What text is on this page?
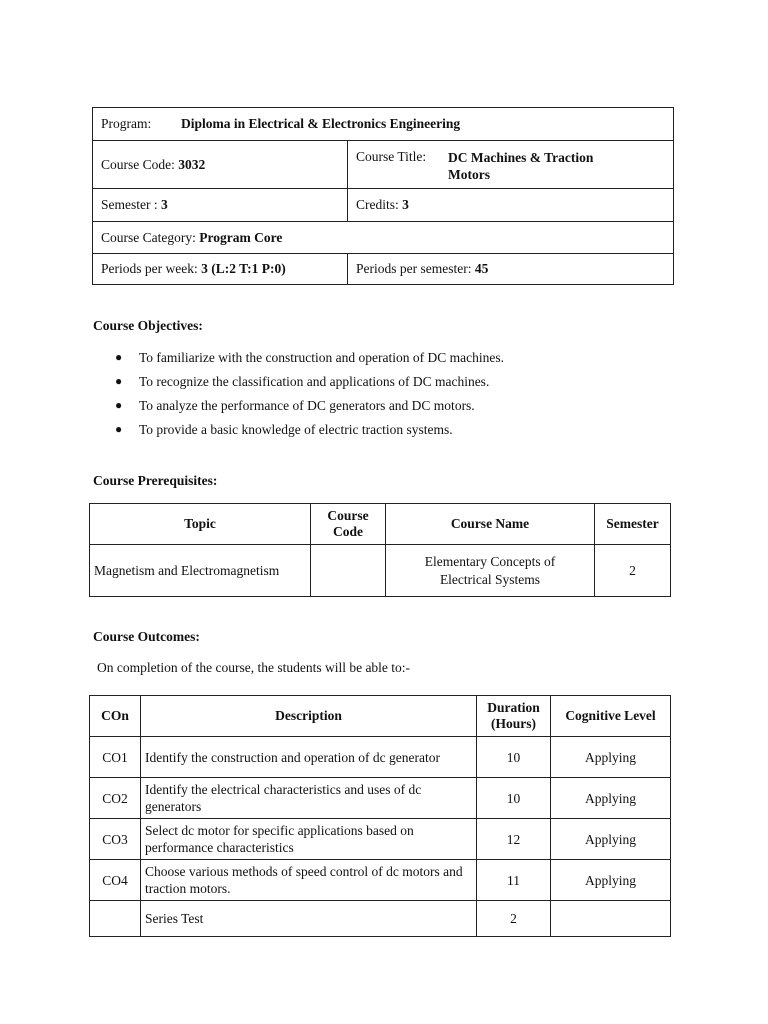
Program: Diploma in Electrical & Electronics Engineering	
Course Code: 3032	Course Title: DC Machines & Traction Motors

Semester : 3	Credits: 3
Course Category: Program Core	
Periods per week: 3 (L:2 T:1 P:0)	Periods per semester: 45
Course Objectives:
●	To familiarize with the construction and operation of DC machines.
●	To recognize the classification and applications of DC machines.
●	To analyze the performance of DC generators and DC motors.
●	To provide a basic knowledge of electric traction systems.
Course Prerequisites:
Topic	Course Code	Course Name	Semester
Magnetism and Electromagnetism		Elementary Concepts of Electrical Systems	2
Course Outcomes:
On completion of the course, the students will be able to:-
COn	Description	Duration (Hours)	Cognitive Level
CO1	Identify the construction and operation of dc generator	10	Applying
CO2	Identify the electrical characteristics and uses of dc generators	10	Applying
CO3	Select dc motor for specific applications based on performance characteristics	12	Applying
CO4	Choose various methods of speed control of dc motors and traction motors.	11	Applying
	Series Test	2	
